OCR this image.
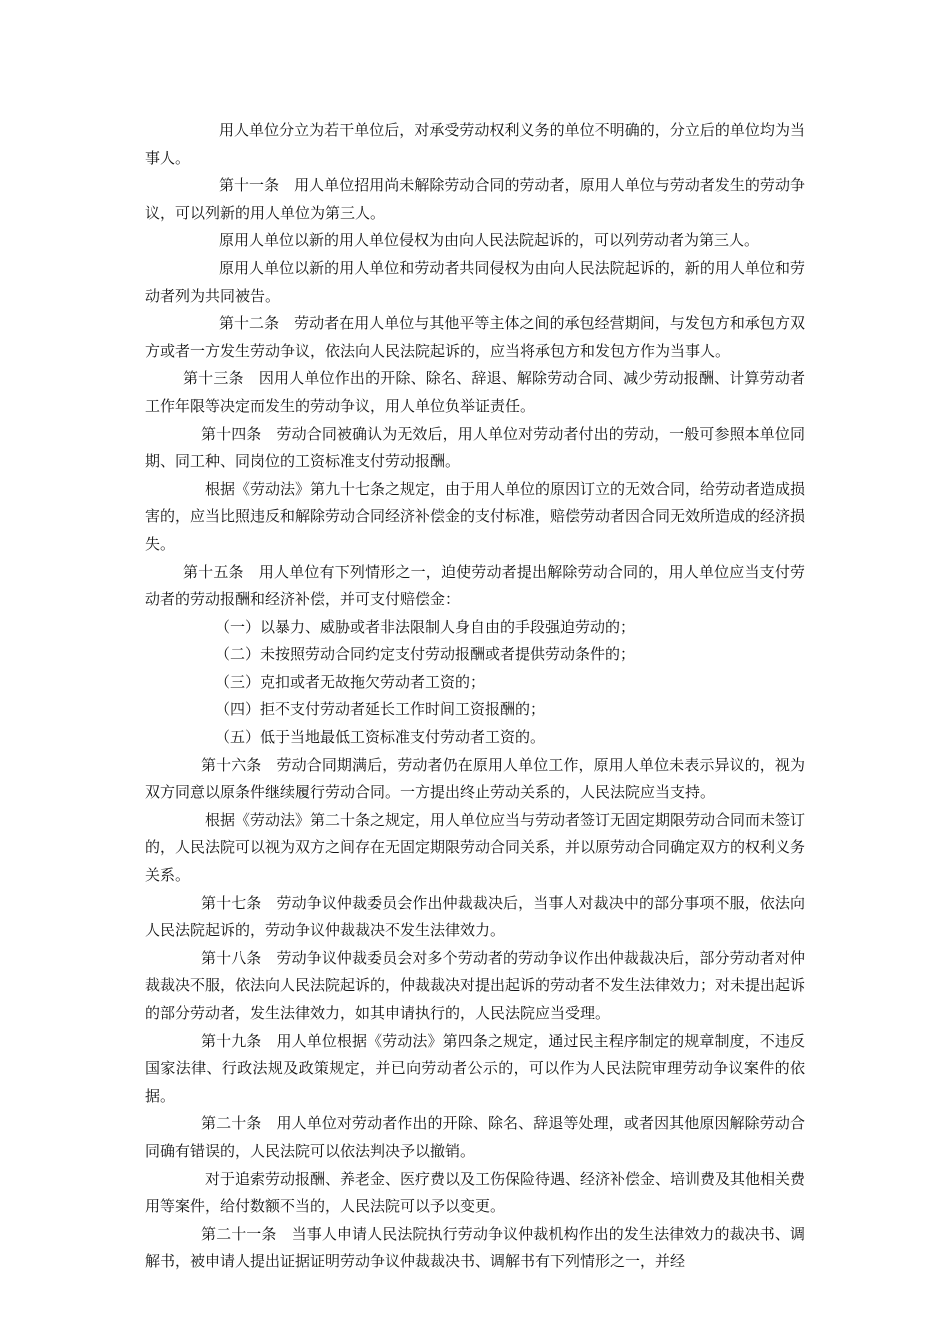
用人单位分立为若干单位后，对承受劳动权利义务的单位不明确的，分立后的单位均为当事人。

第十一条　用人单位招用尚未解除劳动合同的劳动者，原用人单位与劳动者发生的劳动争议，可以列新的用人单位为第三人。

原用人单位以新的用人单位侵权为由向人民法院起诉的，可以列劳动者为第三人。

原用人单位以新的用人单位和劳动者共同侵权为由向人民法院起诉的，新的用人单位和劳动者列为共同被告。

第十二条　劳动者在用人单位与其他平等主体之间的承包经营期间，与发包方和承包方双方或者一方发生劳动争议，依法向人民法院起诉的，应当将承包方和发包方作为当事人。

第十三条　因用人单位作出的开除、除名、辞退、解除劳动合同、减少劳动报酬、计算劳动者工作年限等决定而发生的劳动争议，用人单位负举证责任。

第十四条　劳动合同被确认为无效后，用人单位对劳动者付出的劳动，一般可参照本单位同期、同工种、同岗位的工资标准支付劳动报酬。

根据《劳动法》第九十七条之规定，由于用人单位的原因订立的无效合同，给劳动者造成损害的，应当比照违反和解除劳动合同经济补偿金的支付标准，赔偿劳动者因合同无效所造成的经济损失。

第十五条　用人单位有下列情形之一，迫使劳动者提出解除劳动合同的，用人单位应当支付劳动者的劳动报酬和经济补偿，并可支付赔偿金：

（一）以暴力、威胁或者非法限制人身自由的手段强迫劳动的；

（二）未按照劳动合同约定支付劳动报酬或者提供劳动条件的；

（三）克扣或者无故拖欠劳动者工资的；

（四）拒不支付劳动者延长工作时间工资报酬的；

（五）低于当地最低工资标准支付劳动者工资的。

第十六条　劳动合同期满后，劳动者仍在原用人单位工作，原用人单位未表示异议的，视为双方同意以原条件继续履行劳动合同。一方提出终止劳动关系的，人民法院应当支持。

根据《劳动法》第二十条之规定，用人单位应当与劳动者签订无固定期限劳动合同而未签订的，人民法院可以视为双方之间存在无固定期限劳动合同关系，并以原劳动合同确定双方的权利义务关系。

第十七条　劳动争议仲裁委员会作出仲裁裁决后，当事人对裁决中的部分事项不服，依法向人民法院起诉的，劳动争议仲裁裁决不发生法律效力。

第十八条　劳动争议仲裁委员会对多个劳动者的劳动争议作出仲裁裁决后，部分劳动者对仲裁裁决不服，依法向人民法院起诉的，仲裁裁决对提出起诉的劳动者不发生法律效力；对未提出起诉的部分劳动者，发生法律效力，如其申请执行的，人民法院应当受理。

第十九条　用人单位根据《劳动法》第四条之规定，通过民主程序制定的规章制度，不违反国家法律、行政法规及政策规定，并已向劳动者公示的，可以作为人民法院审理劳动争议案件的依据。

第二十条　用人单位对劳动者作出的开除、除名、辞退等处理，或者因其他原因解除劳动合同确有错误的，人民法院可以依法判决予以撤销。

对于追索劳动报酬、养老金、医疗费以及工伤保险待遇、经济补偿金、培训费及其他相关费用等案件，给付数额不当的，人民法院可以予以变更。

第二十一条　当事人申请人民法院执行劳动争议仲裁机构作出的发生法律效力的裁决书、调解书，被申请人提出证据证明劳动争议仲裁裁决书、调解书有下列情形之一，并经
